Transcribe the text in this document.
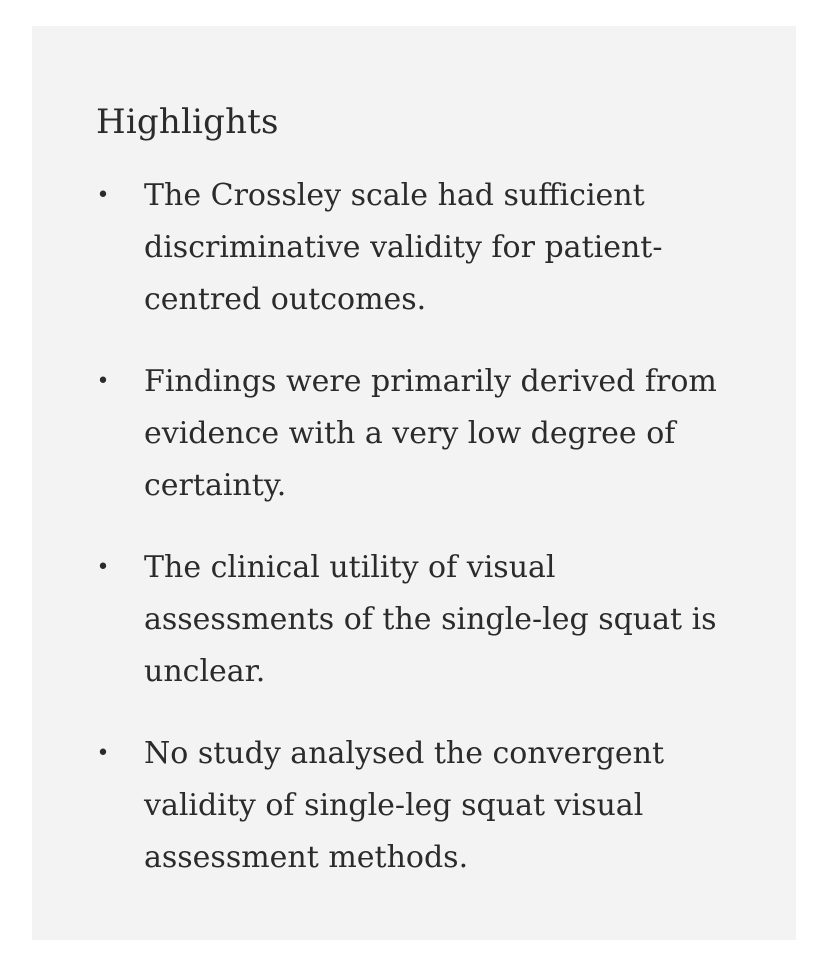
Highlights
• The Crossley scale had sufficient discriminative validity for patient-centred outcomes.
• Findings were primarily derived from evidence with a very low degree of certainty.
• The clinical utility of visual assessments of the single-leg squat is unclear.
• No study analysed the convergent validity of single-leg squat visual assessment methods.
